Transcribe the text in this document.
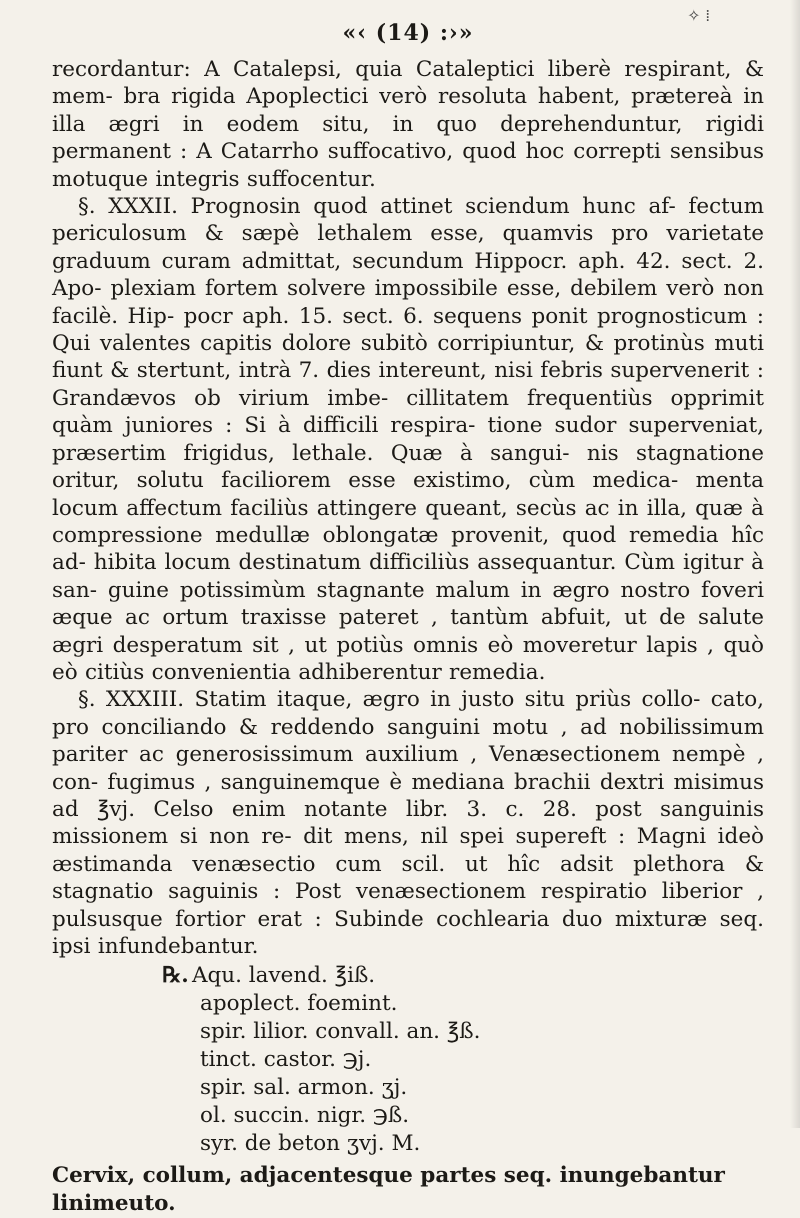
✧ ⁞
«‹ (14) :›»

recordantur: A Catalepsi, quia Cataleptici liberè respirant, & mem- bra rigida Apoplectici verò resoluta habent, prætereà in illa ægri in eodem situ, in quo deprehenduntur, rigidi permanent : A Catarrho suffocativo, quod hoc correpti sensibus motuque integris suffocentur.

§. XXXII. Prognosin quod attinet sciendum hunc af- fectum periculosum & sæpè lethalem esse, quamvis pro varietate graduum curam admittat, secundum Hippocr. aph. 42. sect. 2. Apo- plexiam fortem solvere impossibile esse, debilem verò non facilè. Hip- pocr aph. 15. sect. 6. sequens ponit prognosticum : Qui valentes capitis dolore subitò corripiuntur, & protinùs muti fiunt & stertunt, intrà 7. dies intereunt, nisi febris supervenerit : Grandævos ob virium imbe- cillitatem frequentiùs opprimit quàm juniores : Si à difficili respira- tione sudor superveniat, præsertim frigidus, lethale. Quæ à sangui- nis stagnatione oritur, solutu faciliorem esse existimo, cùm medica- menta locum affectum faciliùs attingere queant, secùs ac in illa, quæ à compressione medullæ oblongatæ provenit, quod remedia hîc ad- hibita locum destinatum difficiliùs assequantur. Cùm igitur à san- guine potissimùm stagnante malum in ægro nostro foveri æque ac ortum traxisse pateret , tantùm abfuit, ut de salute ægri desperatum sit , ut potiùs omnis eò moveretur lapis , quò eò citiùs convenientia adhiberentur remedia.

§. XXXIII. Statim itaque, ægro in justo situ priùs collo- cato, pro conciliando & reddendo sanguini motu , ad nobilissimum pariter ac generosissimum auxilium , Venæsectionem nempè , con- fugimus , sanguinemque è mediana brachii dextri misimus ad ℥vj. Celso enim notante libr. 3. c. 28. post sanguinis missionem si non re- dit mens, nil spei supereft : Magni ideò æstimanda venæsectio cum scil. ut hîc adsit plethora & stagnatio saguinis : Post venæsectionem respiratio liberior , pulsusque fortior erat : Subinde cochlearia duo mixturæ seq. ipsi infundebantur.

℞. Aqu. lavend. ℥iß.
apoplect. foemint.
spir. lilior. convall. an. ℥ß.
tinct. castor. ℈j.
spir. sal. armon. ʒj.
ol. succin. nigr. ℈ß.
syr. de beton ʒvj. M.

Cervix, collum, adjacentesque partes seq. inungebantur linimeuto.
